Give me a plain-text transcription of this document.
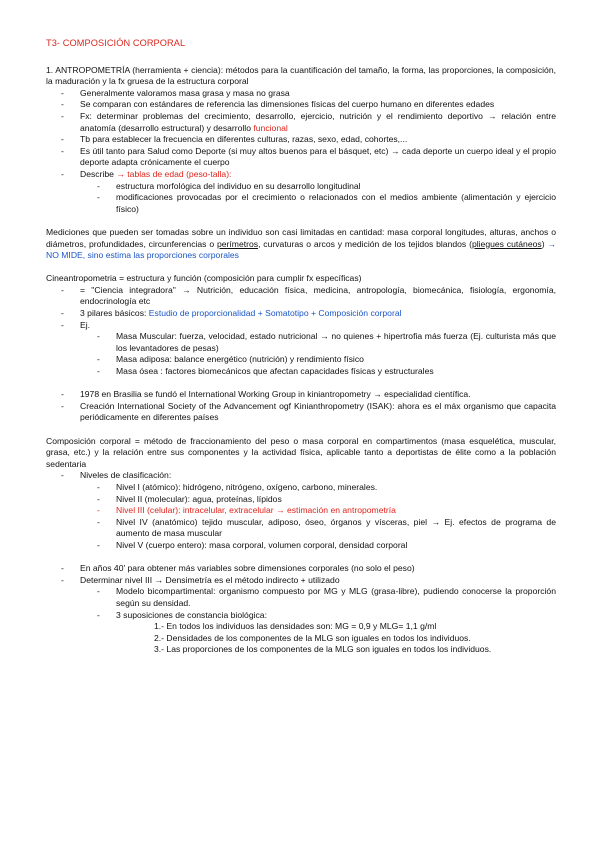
T3- COMPOSICIÓN CORPORAL

1. ANTROPOMETRÍA (herramienta + ciencia): métodos para la cuantificación del tamaño, la forma, las proporciones, la composición, la maduración y la fx gruesa de la estructura corporal

- Generalmente valoramos masa grasa y masa no grasa
- Se comparan con estándares de referencia las dimensiones físicas del cuerpo humano en diferentes edades
- Fx: determinar problemas del crecimiento, desarrollo, ejercicio, nutrición y el rendimiento deportivo → relación entre anatomía (desarrollo estructural) y desarrollo funcional
- Tb para establecer la frecuencia en diferentes culturas, razas, sexo, edad, cohortes,...
- Es útil tanto para Salud como Deporte (si muy altos buenos para el básquet, etc) → cada deporte un cuerpo ideal y el propio deporte adapta crónicamente el cuerpo
- Describe → tablas de edad (peso-talla):
- estructura morfológica del individuo en su desarrollo longitudinal
- modificaciones provocadas por el crecimiento o relacionados con el medios ambiente (alimentación y ejercicio físico)

Mediciones que pueden ser tomadas sobre un individuo son casi limitadas en cantidad: masa corporal longitudes, alturas, anchos o diámetros, profundidades, circunferencias o perímetros, curvaturas o arcos y medición de los tejidos blandos (pliegues cutáneos) → NO MIDE, sino estima las proporciones corporales

Cineantropometria = estructura y función (composición para cumplir fx específicas)

- = "Ciencia integradora" → Nutrición, educación física, medicina, antropología, biomecánica, fisiología, ergonomía, endocrinología etc
- 3 pilares básicos: Estudio de proporcionalidad + Somatotipo + Composición corporal
- Ej.
- Masa Muscular: fuerza, velocidad, estado nutricional → no quienes + hipertrofia más fuerza (Ej. culturista más que los levantadores de pesas)
- Masa adiposa: balance energético (nutrición) y rendimiento físico
- Masa ósea : factores biomecánicos que afectan capacidades físicas y estructurales
- 1978 en Brasilia se fundó el International Working Group in kiniantropometry → especialidad científica.
- Creación International Society of the Advancement ogf Kinianthropometry (ISAK): ahora es el máx organismo que capacita periódicamente en diferentes países

Composición corporal = método de fraccionamiento del peso o masa corporal en compartimentos (masa esquelética, muscular, grasa, etc.) y la relación entre sus componentes y la actividad física, aplicable tanto a deportistas de élite como a la población sedentaria

- Niveles de clasificación:
- Nivel I (atómico): hidrógeno, nitrógeno, oxígeno, carbono, minerales.
- Nivel II (molecular): agua, proteínas, lípidos
- Nivel III (celular): intracelular, extracelular → estimación en antropometría
- Nivel IV (anatómico) tejido muscular, adiposo, óseo, órganos y vísceras, piel → Ej. efectos de programa de aumento de masa muscular
- Nivel V (cuerpo entero): masa corporal, volumen corporal, densidad corporal
- En años 40' para obtener más variables sobre dimensiones corporales (no solo el peso)
- Determinar nivel III → Densimetría es el método indirecto + utilizado
- Modelo bicompartimental: organismo compuesto por MG y MLG (grasa-libre), pudiendo conocerse la proporción según su densidad.
- 3 suposiciones de constancia biológica:
1.- En todos los individuos las densidades son: MG = 0,9 y MLG= 1,1 g/ml
2.- Densidades de los componentes de la MLG son iguales en todos los individuos.
3.- Las proporciones de los componentes de la MLG son iguales en todos los individuos.
